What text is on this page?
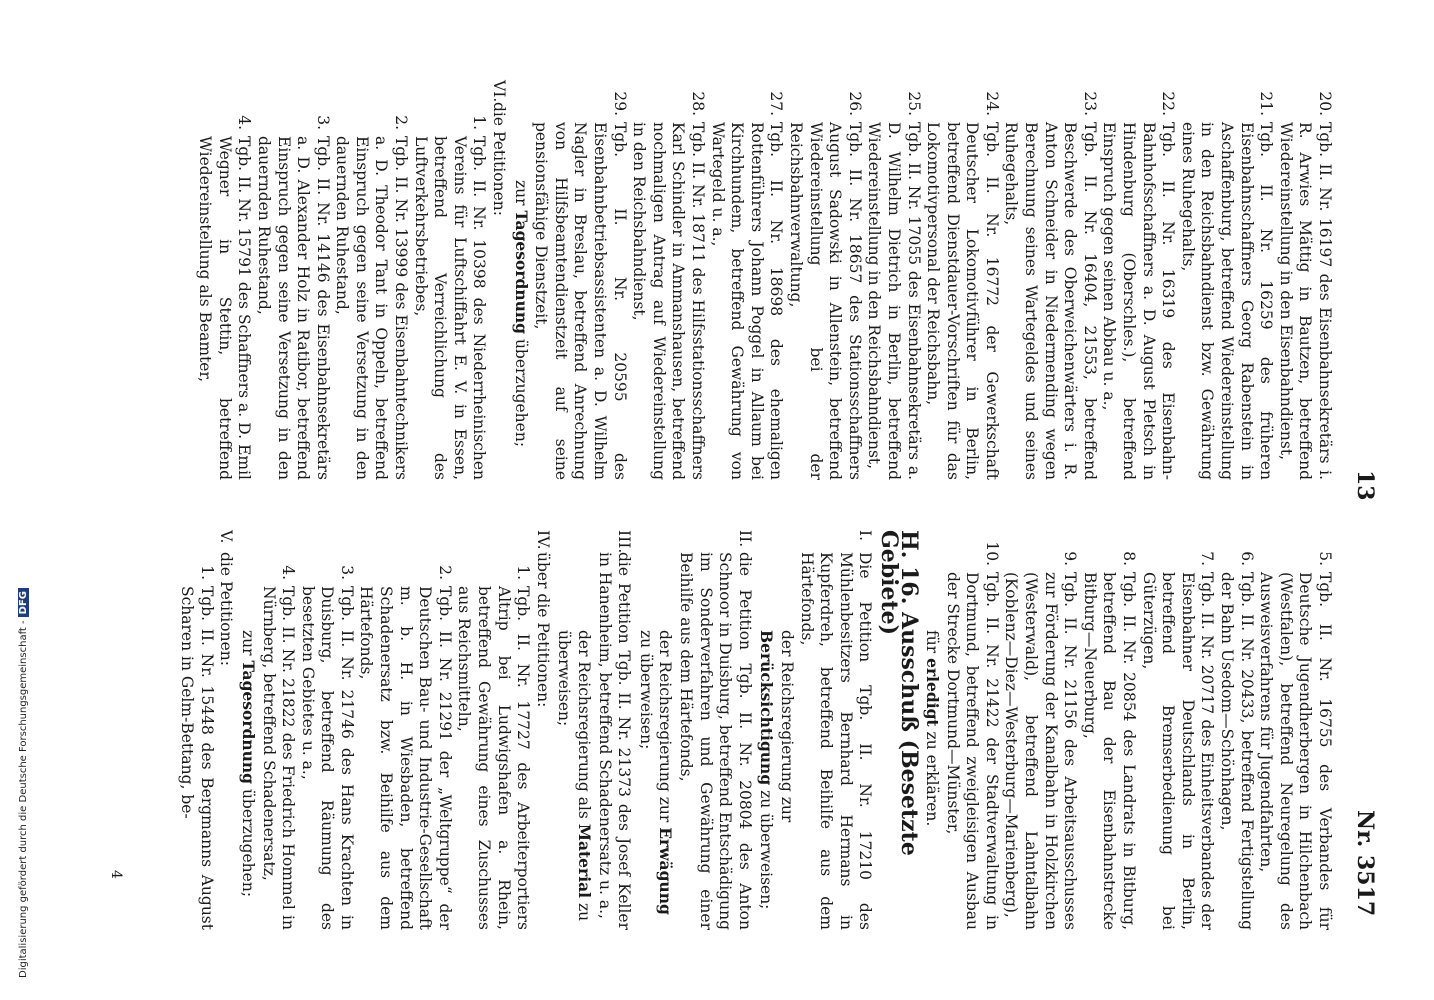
13
Nr. 3517
20.
Tgb. II. Nr. 16197 des Eisenbahnsekretärs i. R. Arwies Mättig in Bautzen, betreffend Wiedereinstellung in den Eisenbahndienst,
21.
Tgb. II. Nr. 16259 des früheren Eisenbahnschaffners Georg Rabenstein in Aschaffenburg, betreffend Wiedereinstellung in den Reichsbahndienst bzw. Gewährung eines Ruhegehalts,
22.
Tgb. II. Nr. 16319 des Eisenbahn-Bahnhofsschaffners a. D. August Pletsch in Hindenburg (Oberschles.), betreffend Einspruch gegen seinen Abbau u. a.,
23.
Tgb. II. Nr. 16404, 21553, betreffend Beschwerde des Oberweichenwärters i. R. Anton Schneider in Niedermending wegen Berechnung seines Wartegeldes und seines Ruhegehalts,
24.
Tgb. II. Nr. 16772 der Gewerkschaft Deutscher Lokomotivführer in Berlin, betreffend Dienstdauer-Vorschriften für das Lokomotivpersonal der Reichsbahn,
25.
Tgb. II. Nr. 17055 des Eisenbahnsekretärs a. D. Wilhelm Dietrich in Berlin, betreffend Wiedereinstellung in den Reichsbahndienst,
26.
Tgb. II. Nr. 18657 des Stationsschaffners August Sadowski in Allenstein, betreffend Wiedereinstellung bei der Reichsbahnverwaltung,
27.
Tgb. II. Nr. 18698 des ehemaligen Rottenführers Johann Poggel in Allaum bei Kirchhundem, betreffend Gewährung von Wartegeld u. a.,
28.
Tgb. II. Nr. 18711 des Hilfsstationsschaffners Karl Schindler in Ammanshausen, betreffend nochmaligen Antrag auf Wiedereinstellung in den Reichsbahndienst,
29.
Tgb. II. Nr. 20595 des Eisenbahnbetriebsassistenten a. D. Wilhelm Nagler in Breslau, betreffend Anrechnung von Hilfsbeamtendienstzeit auf seine pensionsfähige Dienstzeit,

zur Tagesordnung überzugehen;

VI.
die Petitionen:
1.
Tgb. II. Nr. 10398 des Niederrheinischen Vereins für Luftschiffahrt E. V. in Essen, betreffend Verreichlichung des Luftverkehrsbetriebes,
2.
Tgb. II. Nr. 13999 des Eisenbahntechnikers a. D. Theodor Tant in Oppeln, betreffend Einspruch gegen seine Versetzung in den dauernden Ruhestand,
3.
Tgb. II. Nr. 14146 des Eisenbahnsekretärs a. D. Alexander Holz in Ratibor, betreffend Einspruch gegen seine Versetzung in den dauernden Ruhestand,
4.
Tgb. II. Nr. 15791 des Schaffners a. D. Emil Wegner in Stettin, betreffend Wiedereinstellung als Beamter,
5.
Tgb. II. Nr. 16755 des Verbandes für Deutsche Jugendherbergen in Hilchenbach (Westfalen), betreffend Neuregelung des Ausweisverfahrens für Jugendfahrten,
6.
Tgb. II. Nr. 20433, betreffend Fertigstellung der Bahn Usedom—Schönhagen,
7.
Tgb. II. Nr. 20717 des Einheitsverbandes der Eisenbahner Deutschlands in Berlin, betreffend Bremserbedienung bei Güterzügen,
8.
Tgb. II. Nr. 20854 des Landrats in Bitburg, betreffend Bau der Eisenbahnstrecke Bitburg—Neuerburg,
9.
Tgb. II. Nr. 21156 des Arbeitsausschusses zur Förderung der Kanalbahn in Holzkirchen (Westerwald), betreffend Lahntalbahn (Koblenz—Diez—Westerburg—Marienberg),
10.
Tgb. II. Nr. 21422 der Stadtverwaltung in Dortmund, betreffend zweigleisigen Ausbau der Strecke Dortmund—Münster,

für erledigt zu erklären.

H. 16. Ausschuß (Besetzte Gebiete)
I.
Die Petition Tgb. II. Nr. 17210 des Mühlenbesitzers Bernhard Hermans in Kupferdreh, betreffend Beihilfe aus dem Härtefonds,

der Reichsregierung zur Berücksichtigung zu überweisen;

II.
die Petition Tgb. II. Nr. 20804 des Anton Schnoor in Duisburg, betreffend Entschädigung im Sonderverfahren und Gewährung einer Beihilfe aus dem Härtefonds,

der Reichsregierung zur Erwägung zu überweisen;

III.
die Petition Tgb. II. Nr. 21373 des Josef Keller in Hanenheim, betreffend Schadenersatz u. a.,

der Reichsregierung als Material zu überweisen;

IV.
über die Petitionen:
1.
Tgb. II. Nr. 17727 des Arbeiterportiers Altrip bei Ludwigshafen a. Rhein, betreffend Gewährung eines Zuschusses aus Reichsmitteln,
2.
Tgb. II. Nr. 21291 der „Weltgruppe“ der Deutschen Bau- und Industrie-Gesellschaft m. b. H. in Wiesbaden, betreffend Schadenersatz bzw. Beihilfe aus dem Härtefonds,
3.
Tgb. II. Nr. 21746 des Hans Krachten in Duisburg, betreffend Räumung des besetzten Gebietes u. a.,
4.
Tgb. II. Nr. 21822 des Friedrich Hommel in Nürnberg, betreffend Schadenersatz,

zur Tagesordnung überzugehen;

V.
die Petitionen:
1.
Tgb. II. Nr. 15448 des Bergmanns August Scharen in Gelm-Bettang, be-
4
Digitalisierung gefördert durch die Deutsche Forschungsgemeinschaft -DFG
